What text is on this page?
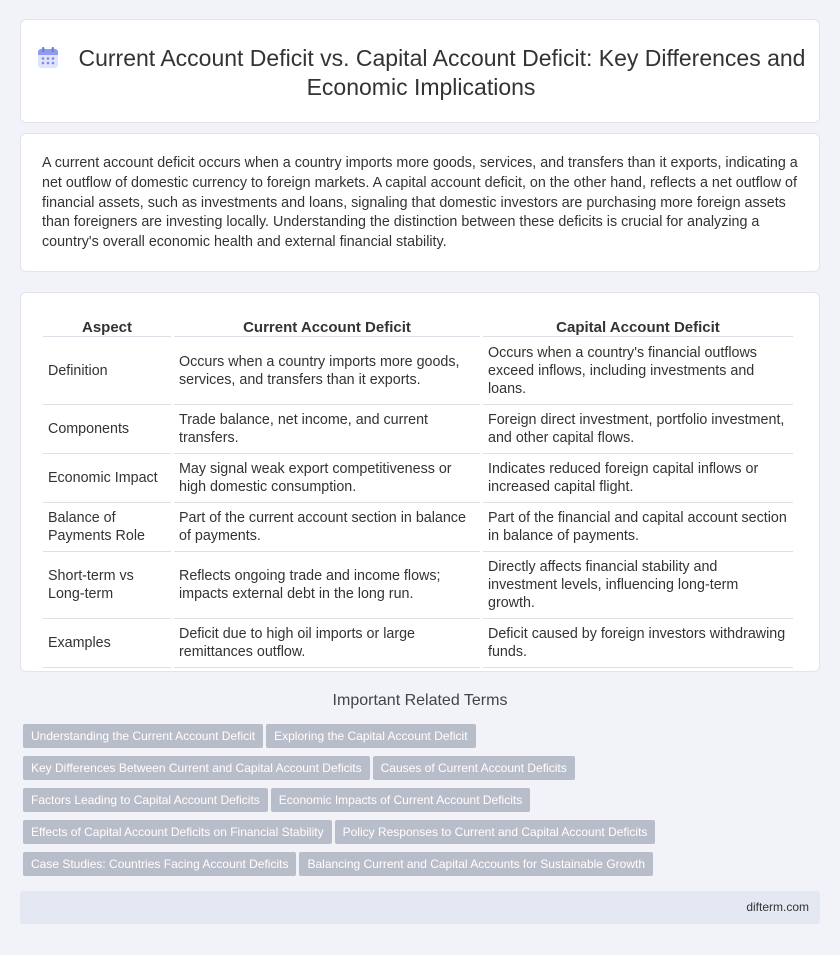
Current Account Deficit vs. Capital Account Deficit: Key Differences and Economic Implications

A current account deficit occurs when a country imports more goods, services, and transfers than it exports, indicating a net outflow of domestic currency to foreign markets. A capital account deficit, on the other hand, reflects a net outflow of financial assets, such as investments and loans, signaling that domestic investors are purchasing more foreign assets than foreigners are investing locally. Understanding the distinction between these deficits is crucial for analyzing a country's overall economic health and external financial stability.

Aspect	Current Account Deficit	Capital Account Deficit
Definition	Occurs when a country imports more goods, services, and transfers than it exports.	Occurs when a country's financial outflows exceed inflows, including investments and loans.
Components	Trade balance, net income, and current transfers.	Foreign direct investment, portfolio investment, and other capital flows.
Economic Impact	May signal weak export competitiveness or high domestic consumption.	Indicates reduced foreign capital inflows or increased capital flight.
Balance of Payments Role	Part of the current account section in balance of payments.	Part of the financial and capital account section in balance of payments.
Short-term vs Long-term	Reflects ongoing trade and income flows; impacts external debt in the long run.	Directly affects financial stability and investment levels, influencing long-term growth.
Examples	Deficit due to high oil imports or large remittances outflow.	Deficit caused by foreign investors withdrawing funds.
Important Related Terms
Understanding the Current Account Deficit Exploring the Capital Account Deficit
Key Differences Between Current and Capital Account Deficits Causes of Current Account Deficits
Factors Leading to Capital Account Deficits Economic Impacts of Current Account Deficits
Effects of Capital Account Deficits on Financial Stability Policy Responses to Current and Capital Account Deficits
Case Studies: Countries Facing Account Deficits Balancing Current and Capital Accounts for Sustainable Growth
difterm.com
